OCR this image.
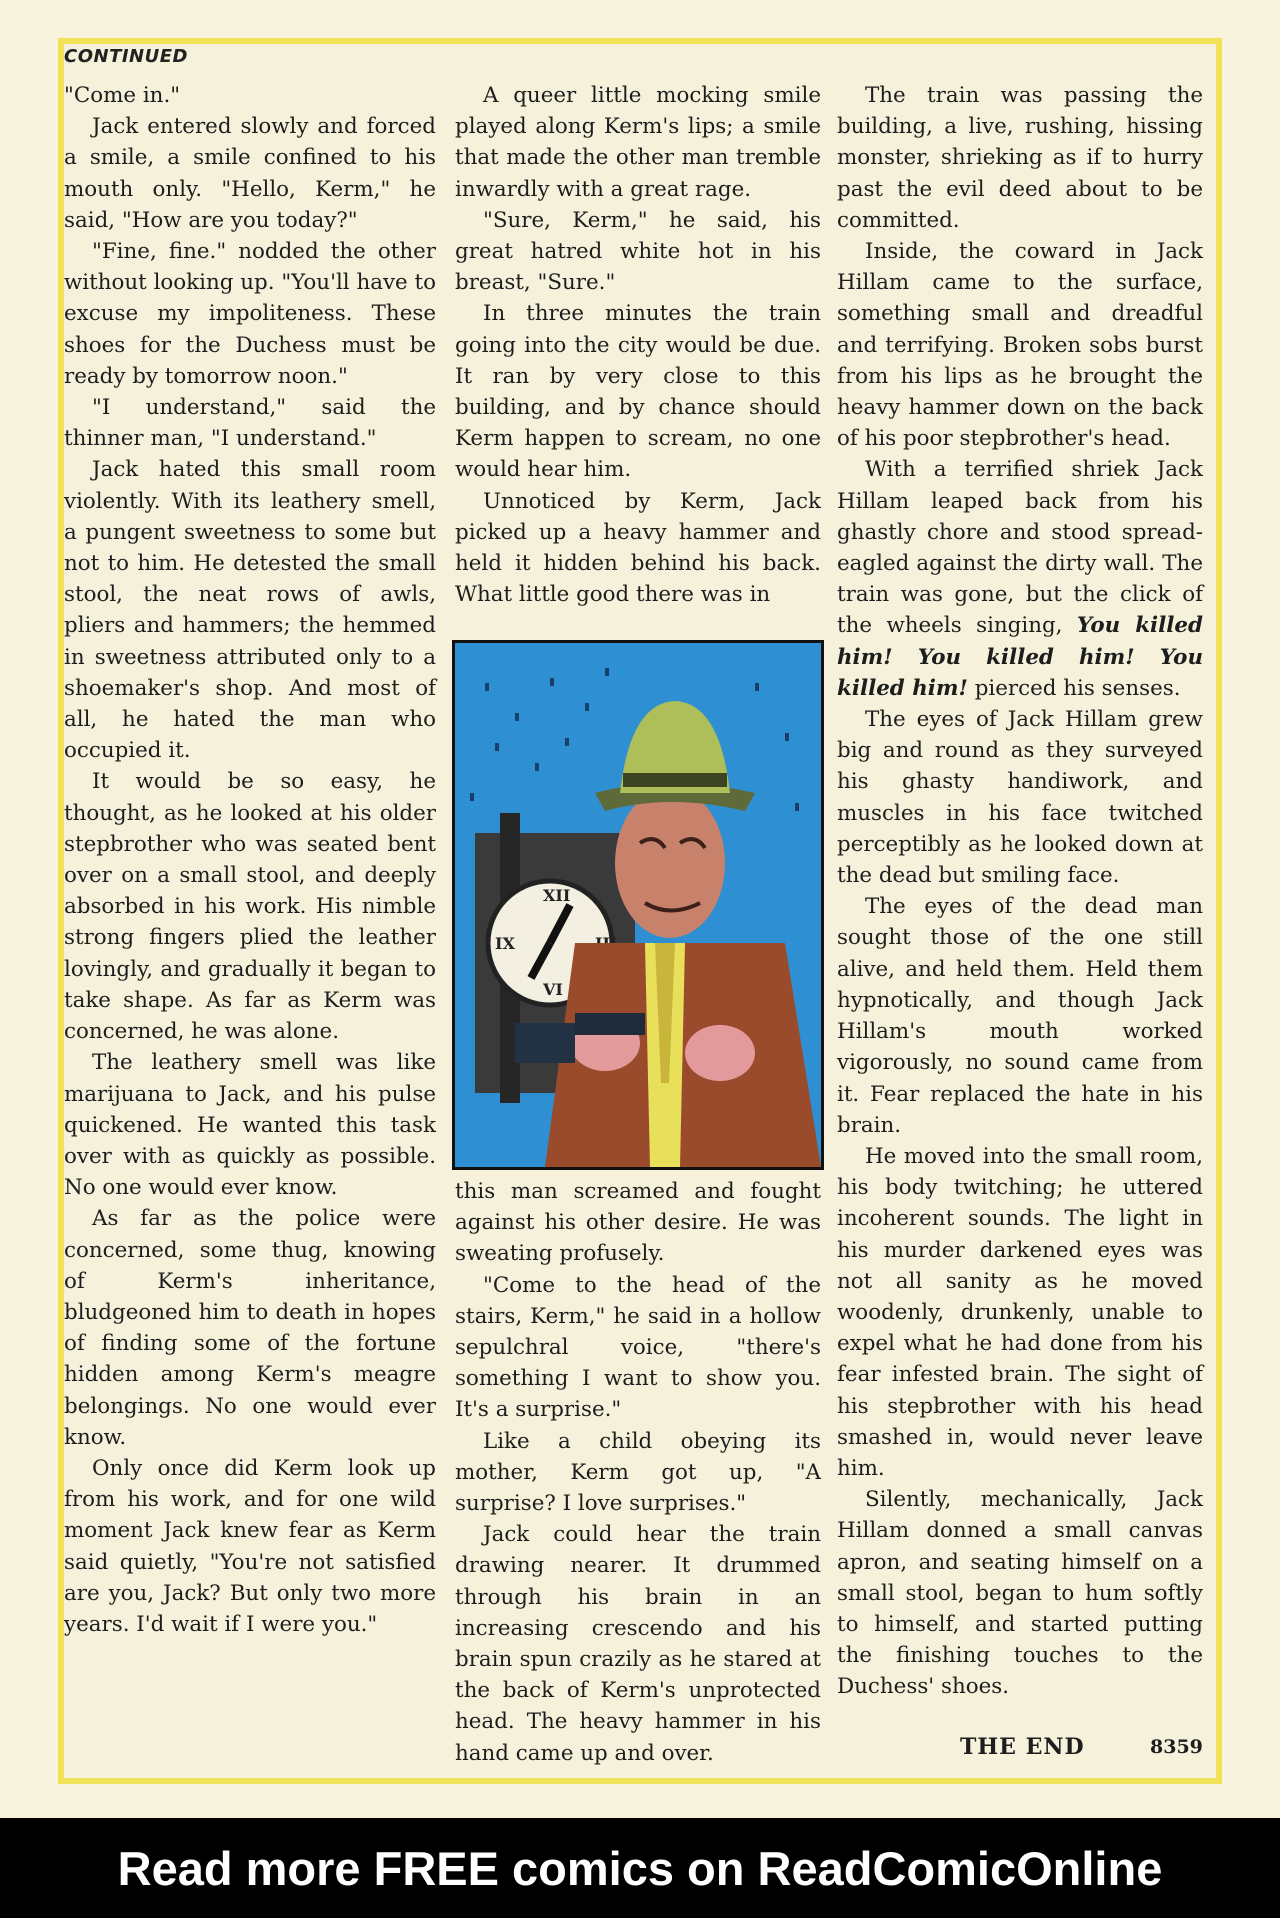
CONTINUED

"Come in."

Jack entered slowly and forced a smile, a smile confined to his mouth only. "Hello, Kerm," he said, "How are you today?"

"Fine, fine." nodded the other without looking up. "You'll have to excuse my impoliteness. These shoes for the Duchess must be ready by tomorrow noon."

"I understand," said the thinner man, "I understand."

Jack hated this small room violently. With its leathery smell, a pungent sweetness to some but not to him. He detested the small stool, the neat rows of awls, pliers and hammers; the hemmed in sweetness attributed only to a shoemaker's shop. And most of all, he hated the man who occupied it.

It would be so easy, he thought, as he looked at his older stepbrother who was seated bent over on a small stool, and deeply absorbed in his work. His nimble strong fingers plied the leather lovingly, and gradually it began to take shape. As far as Kerm was concerned, he was alone.

The leathery smell was like marijuana to Jack, and his pulse quickened. He wanted this task over with as quickly as possible. No one would ever know.

As far as the police were concerned, some thug, knowing of Kerm's inheritance, bludgeoned him to death in hopes of finding some of the fortune hidden among Kerm's meagre belongings. No one would ever know.

Only once did Kerm look up from his work, and for one wild moment Jack knew fear as Kerm said quietly, "You're not satisfied are you, Jack? But only two more years. I'd wait if I were you."

A queer little mocking smile played along Kerm's lips; a smile that made the other man tremble inwardly with a great rage.

"Sure, Kerm," he said, his great hatred white hot in his breast, "Sure."

In three minutes the train going into the city would be due. It ran by very close to this building, and by chance should Kerm happen to scream, no one would hear him.

Unnoticed by Kerm, Jack picked up a heavy hammer and held it hidden behind his back. What little good there was in

XII
VI
IX

this man screamed and fought against his other desire. He was sweating profusely.

"Come to the head of the stairs, Kerm," he said in a hollow sepulchral voice, "there's something I want to show you. It's a surprise."

Like a child obeying its mother, Kerm got up, "A surprise? I love surprises."

Jack could hear the train drawing nearer. It drummed through his brain in an increasing crescendo and his brain spun crazily as he stared at the back of Kerm's unprotected head. The heavy hammer in his hand came up and over.

The train was passing the building, a live, rushing, hissing monster, shrieking as if to hurry past the evil deed about to be committed.

Inside, the coward in Jack Hillam came to the surface, something small and dreadful and terrifying. Broken sobs burst from his lips as he brought the heavy hammer down on the back of his poor stepbrother's head.

With a terrified shriek Jack Hillam leaped back from his ghastly chore and stood spread-eagled against the dirty wall. The train was gone, but the click of the wheels singing, You killed him! You killed him! You killed him! pierced his senses.

The eyes of Jack Hillam grew big and round as they surveyed his ghasty handiwork, and muscles in his face twitched perceptibly as he looked down at the dead but smiling face.

The eyes of the dead man sought those of the one still alive, and held them. Held them hypnotically, and though Jack Hillam's mouth worked vigorously, no sound came from it. Fear replaced the hate in his brain.

He moved into the small room, his body twitching; he uttered incoherent sounds. The light in his murder darkened eyes was not all sanity as he moved woodenly, drunkenly, unable to expel what he had done from his fear infested brain. The sight of his stepbrother with his head smashed in, would never leave him.

Silently, mechanically, Jack Hillam donned a small canvas apron, and seating himself on a small stool, began to hum softly to himself, and started putting the finishing touches to the Duchess' shoes.

THE END	8359
Read more FREE comics on ReadComicOnline
